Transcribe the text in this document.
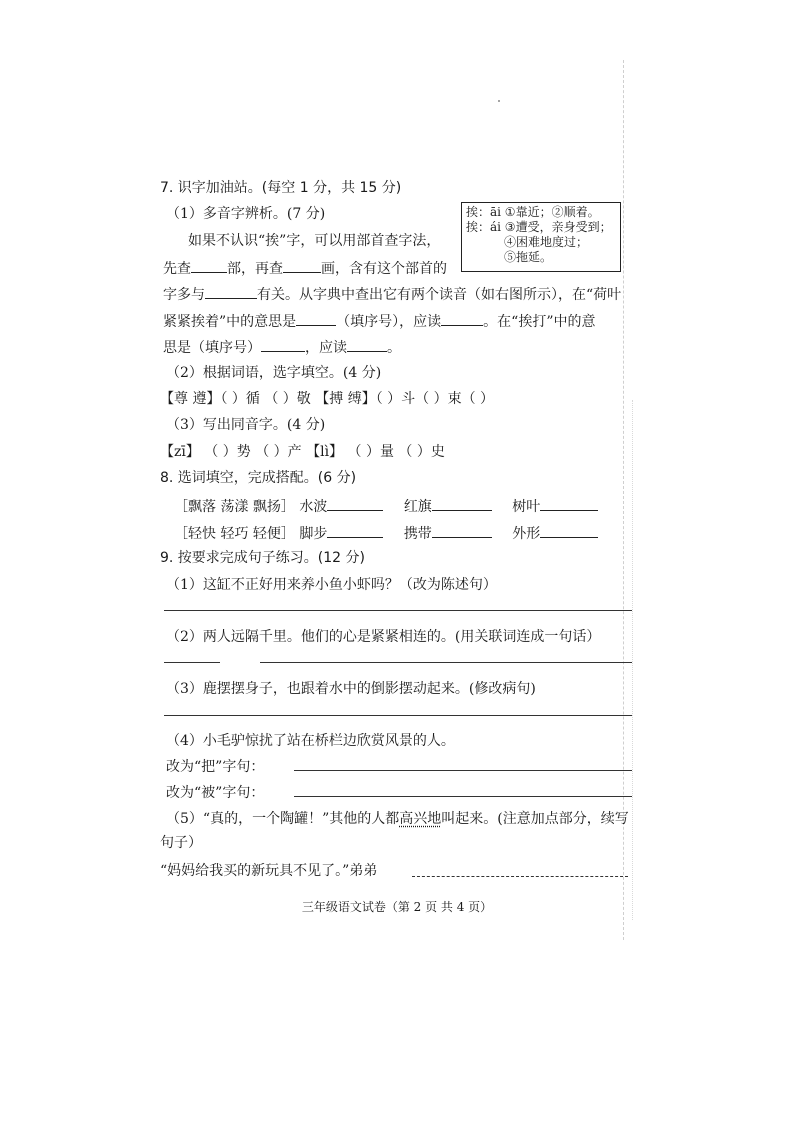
7. 识字加油站。(每空 1 分，共 15 分)
（1）多音字辨析。(7 分)	挨：āi ①靠近；②顺着。
挨：ái ③遭受，亲身受到；
④困难地度过；
⑤拖延。
如果不认识“挨”字，可以用部首查字法，
先查	部，再查	画，含有这个部首的
字多与	有关。从字典中查出它有两个读音（如右图所示），在“荷叶
紧紧挨着”中的意思是	（填序号），应读	。在“挨打”中的意
思是（填序号）	，应读	。
（2）根据词语，选字填空。(4 分)
【尊 遵】（ ）循 （ ）敬 【搏 缚】（ ）斗（ ）束（ ）
（3）写出同音字。(4 分)
【zī】 （ ）势 （ ）产 【lì】 （ ）量 （ ）史
8. 选词填空，完成搭配。(6 分)
［飘落 荡漾 飘扬］ 水波	红旗	树叶
［轻快 轻巧 轻便］ 脚步	携带	外形
9. 按要求完成句子练习。(12 分)
（1）这缸不正好用来养小鱼小虾吗？（改为陈述句）
（2）两人远隔千里。他们的心是紧紧相连的。(用关联词连成一句话）
（3）鹿摆摆身子，也跟着水中的倒影摆动起来。(修改病句)
（4）小毛驴惊扰了站在桥栏边欣赏风景的人。
改为“把”字句：
改为“被”字句：
（5）“真的，一个陶罐！”其他的人都高兴地叫起来。(注意加点部分，续写
句子）
“妈妈给我买的新玩具不见了。”弟弟
三年级语文试卷（第 2 页 共 4 页）
